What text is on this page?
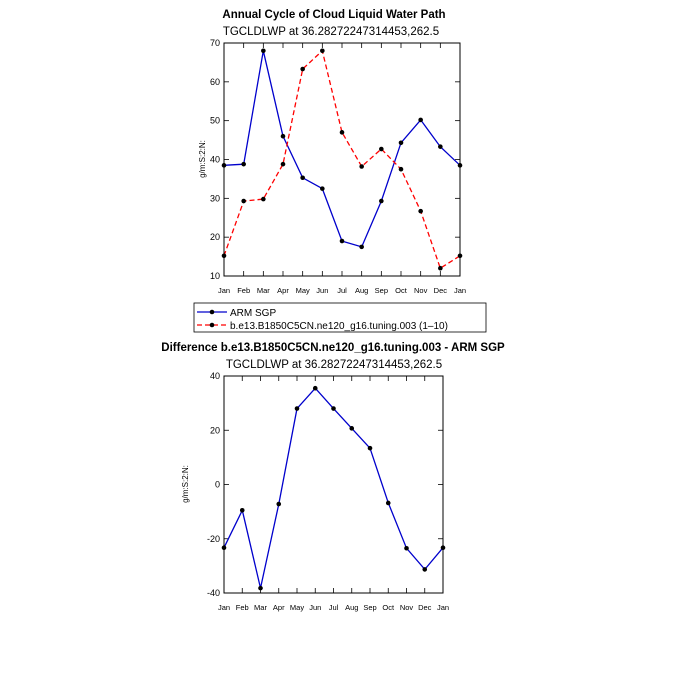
Annual Cycle of Cloud Liquid Water Path
TGCLDLWP at 36.28272247314453,262.5
g/m:S:2:N:
10
20
30
40
50
60
70
Jan Feb Mar Apr May Jun Jul Aug Sep Oct Nov Dec Jan
ARM SGP
b.e13.B1850C5CN.ne120_g16.tuning.003 (1–10)
Difference b.e13.B1850C5CN.ne120_g16.tuning.003 - ARM SGP
TGCLDLWP at 36.28272247314453,262.5
g/m:S:2:N:
-40
-20
0
20
40
Jan Feb Mar Apr May Jun Jul Aug Sep Oct Nov Dec Jan
